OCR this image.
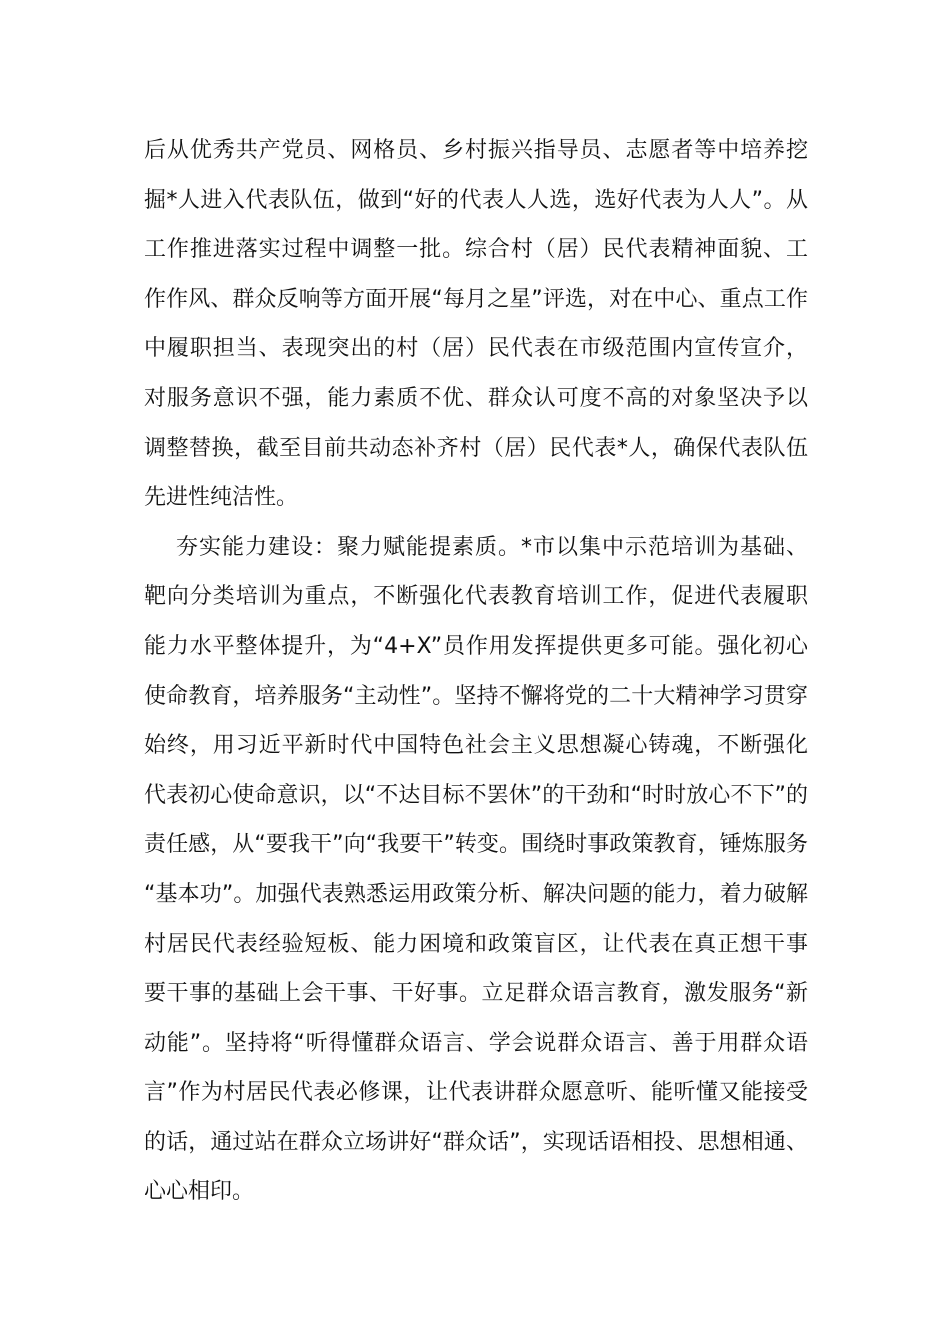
后从优秀共产党员、网格员、乡村振兴指导员、志愿者等中培养挖
掘*人进入代表队伍，做到“好的代表人人选，选好代表为人人”。从
工作推进落实过程中调整一批。综合村（居）民代表精神面貌、工
作作风、群众反响等方面开展“每月之星”评选，对在中心、重点工作
中履职担当、表现突出的村（居）民代表在市级范围内宣传宣介，
对服务意识不强，能力素质不优、群众认可度不高的对象坚决予以
调整替换，截至目前共动态补齐村（居）民代表*人，确保代表队伍
先进性纯洁性。
夯实能力建设：聚力赋能提素质。*市以集中示范培训为基础、
靶向分类培训为重点，不断强化代表教育培训工作，促进代表履职
能力水平整体提升，为“4+X”员作用发挥提供更多可能。强化初心
使命教育，培养服务“主动性”。坚持不懈将党的二十大精神学习贯穿
始终，用习近平新时代中国特色社会主义思想凝心铸魂，不断强化
代表初心使命意识，以“不达目标不罢休”的干劲和“时时放心不下”的
责任感，从“要我干”向“我要干”转变。围绕时事政策教育，锤炼服务
“基本功”。加强代表熟悉运用政策分析、解决问题的能力，着力破解
村居民代表经验短板、能力困境和政策盲区，让代表在真正想干事
要干事的基础上会干事、干好事。立足群众语言教育，激发服务“新
动能”。坚持将“听得懂群众语言、学会说群众语言、善于用群众语
言”作为村居民代表必修课，让代表讲群众愿意听、能听懂又能接受
的话，通过站在群众立场讲好“群众话”，实现话语相投、思想相通、
心心相印。
